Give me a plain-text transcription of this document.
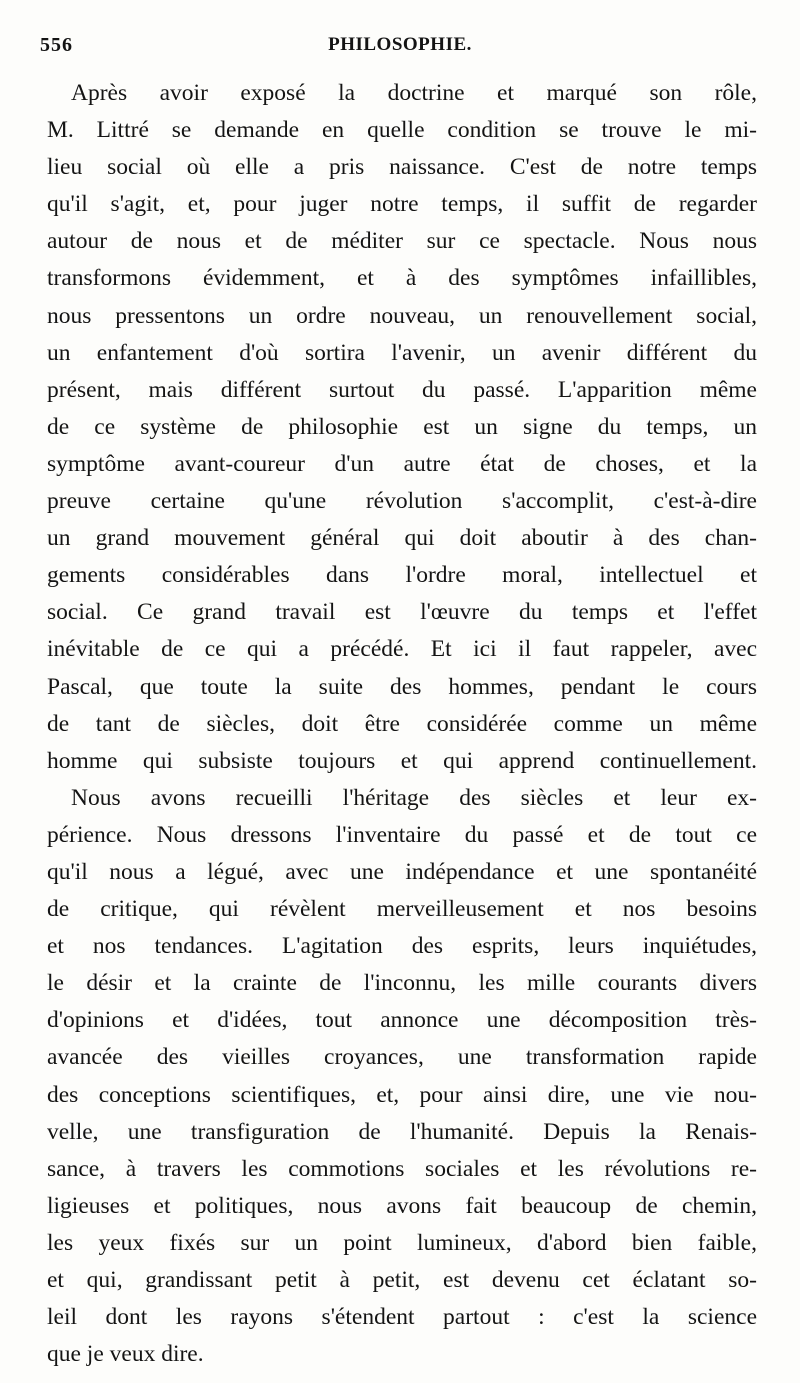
556	PHILOSOPHIE.
Après avoir exposé la doctrine et marqué son rôle,
M. Littré se demande en quelle condition se trouve le mi-
lieu social où elle a pris naissance. C'est de notre temps
qu'il s'agit, et, pour juger notre temps, il suffit de regarder
autour de nous et de méditer sur ce spectacle. Nous nous
transformons évidemment, et à des symptômes infaillibles,
nous pressentons un ordre nouveau, un renouvellement social,
un enfantement d'où sortira l'avenir, un avenir différent du
présent, mais différent surtout du passé. L'apparition même
de ce système de philosophie est un signe du temps, un
symptôme avant-coureur d'un autre état de choses, et la
preuve certaine qu'une révolution s'accomplit, c'est-à-dire
un grand mouvement général qui doit aboutir à des chan-
gements considérables dans l'ordre moral, intellectuel et
social. Ce grand travail est l'œuvre du temps et l'effet
inévitable de ce qui a précédé. Et ici il faut rappeler, avec
Pascal, que toute la suite des hommes, pendant le cours
de tant de siècles, doit être considérée comme un même
homme qui subsiste toujours et qui apprend continuellement.
Nous avons recueilli l'héritage des siècles et leur ex-
périence. Nous dressons l'inventaire du passé et de tout ce
qu'il nous a légué, avec une indépendance et une spontanéité
de critique, qui révèlent merveilleusement et nos besoins
et nos tendances. L'agitation des esprits, leurs inquiétudes,
le désir et la crainte de l'inconnu, les mille courants divers
d'opinions et d'idées, tout annonce une décomposition très-
avancée des vieilles croyances, une transformation rapide
des conceptions scientifiques, et, pour ainsi dire, une vie nou-
velle, une transfiguration de l'humanité. Depuis la Renais-
sance, à travers les commotions sociales et les révolutions re-
ligieuses et politiques, nous avons fait beaucoup de chemin,
les yeux fixés sur un point lumineux, d'abord bien faible,
et qui, grandissant petit à petit, est devenu cet éclatant so-
leil dont les rayons s'étendent partout : c'est la science
que je veux dire.
